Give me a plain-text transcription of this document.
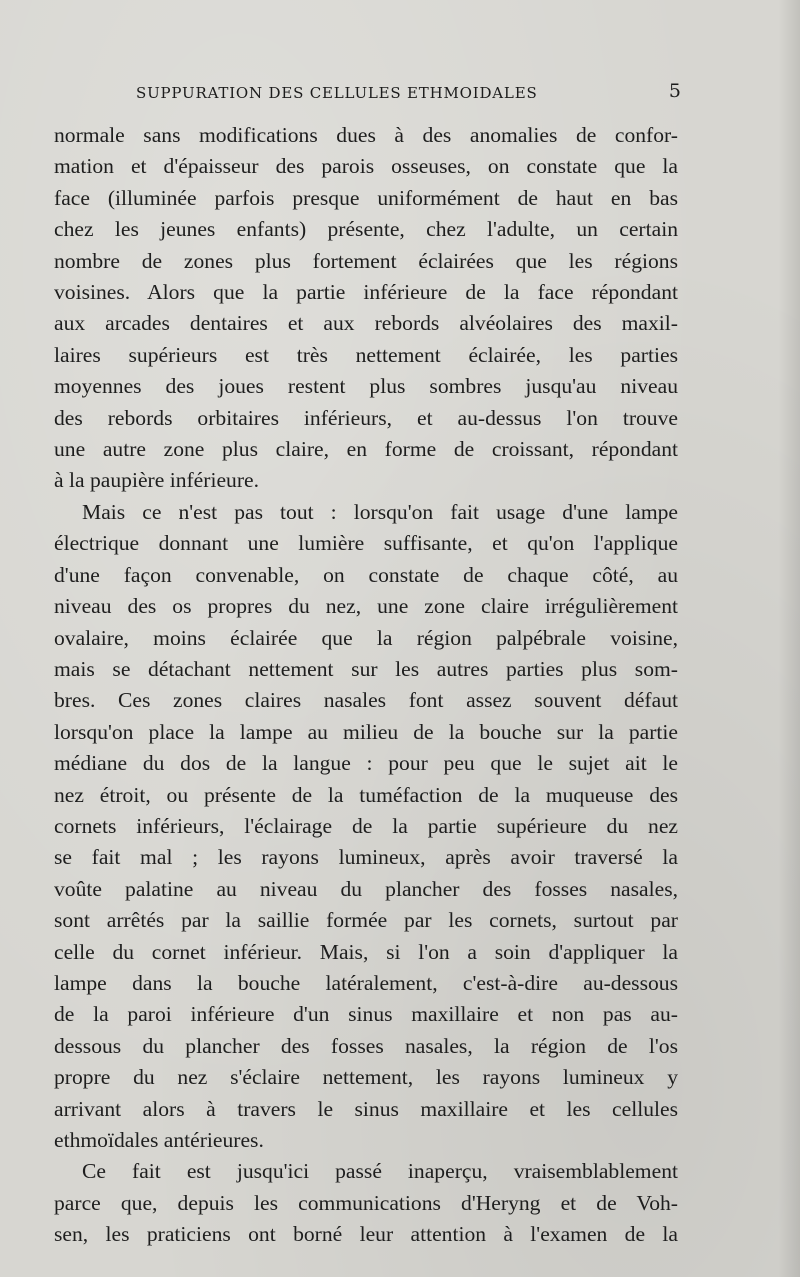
SUPPURATION DES CELLULES ETHMOIDALES	5

normale sans modifications dues à des anomalies de confor-
mation et d'épaisseur des parois osseuses, on constate que la
face (illuminée parfois presque uniformément de haut en bas
chez les jeunes enfants) présente, chez l'adulte, un certain
nombre de zones plus fortement éclairées que les régions
voisines. Alors que la partie inférieure de la face répondant
aux arcades dentaires et aux rebords alvéolaires des maxil-
laires supérieurs est très nettement éclairée, les parties
moyennes des joues restent plus sombres jusqu'au niveau
des rebords orbitaires inférieurs, et au-dessus l'on trouve
une autre zone plus claire, en forme de croissant, répondant
à la paupière inférieure.

Mais ce n'est pas tout : lorsqu'on fait usage d'une lampe
électrique donnant une lumière suffisante, et qu'on l'applique
d'une façon convenable, on constate de chaque côté, au
niveau des os propres du nez, une zone claire irrégulièrement
ovalaire, moins éclairée que la région palpébrale voisine,
mais se détachant nettement sur les autres parties plus som-
bres. Ces zones claires nasales font assez souvent défaut
lorsqu'on place la lampe au milieu de la bouche sur la partie
médiane du dos de la langue : pour peu que le sujet ait le
nez étroit, ou présente de la tuméfaction de la muqueuse des
cornets inférieurs, l'éclairage de la partie supérieure du nez
se fait mal ; les rayons lumineux, après avoir traversé la
voûte palatine au niveau du plancher des fosses nasales,
sont arrêtés par la saillie formée par les cornets, surtout par
celle du cornet inférieur. Mais, si l'on a soin d'appliquer la
lampe dans la bouche latéralement, c'est-à-dire au-dessous
de la paroi inférieure d'un sinus maxillaire et non pas au-
dessous du plancher des fosses nasales, la région de l'os
propre du nez s'éclaire nettement, les rayons lumineux y
arrivant alors à travers le sinus maxillaire et les cellules
ethmoïdales antérieures.

Ce fait est jusqu'ici passé inaperçu, vraisemblablement
parce que, depuis les communications d'Heryng et de Voh-
sen, les praticiens ont borné leur attention à l'examen de la
